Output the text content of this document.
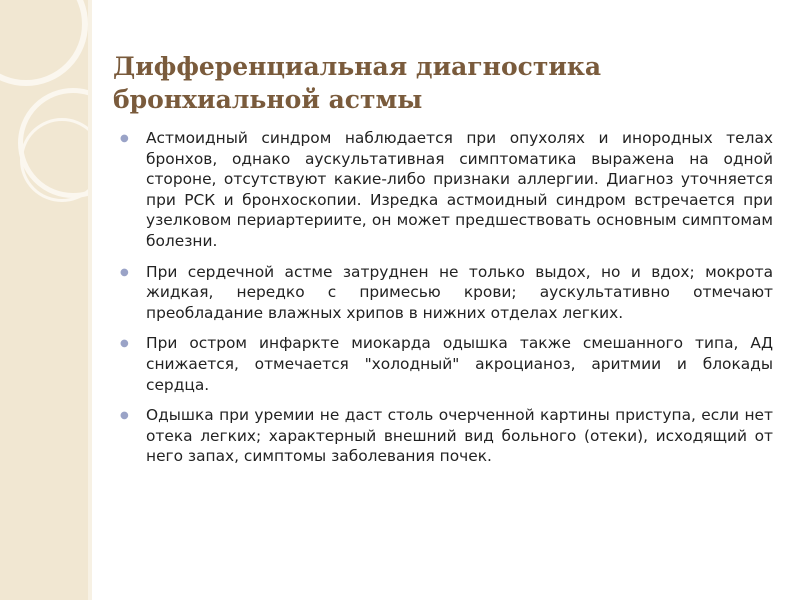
Дифференциальная диагностика
бронхиальной астмы
● Астмоидный синдром наблюдается при опухолях и инородных телах бронхов, однако аускультативная симптоматика выражена на одной стороне, отсутствуют какие-либо признаки аллергии. Диагноз уточняется при РСК и бронхоскопии. Изредка астмоидный синдром встречается при узелковом периартериите, он может предшествовать основным симптомам болезни.
● При сердечной астме затруднен не только выдох, но и вдох; мокрота жидкая, нередко с примесью крови; аускультативно отмечают преобладание влажных хрипов в нижних отделах легких.
● При остром инфаркте миокарда одышка также смешанного типа, АД снижается, отмечается "холодный" акроцианоз, аритмии и блокады сердца.
● Одышка при уремии не даст столь очерченной картины приступа, если нет отека легких; характерный внешний вид больного (отеки), исходящий от него запах, симптомы заболевания почек.
